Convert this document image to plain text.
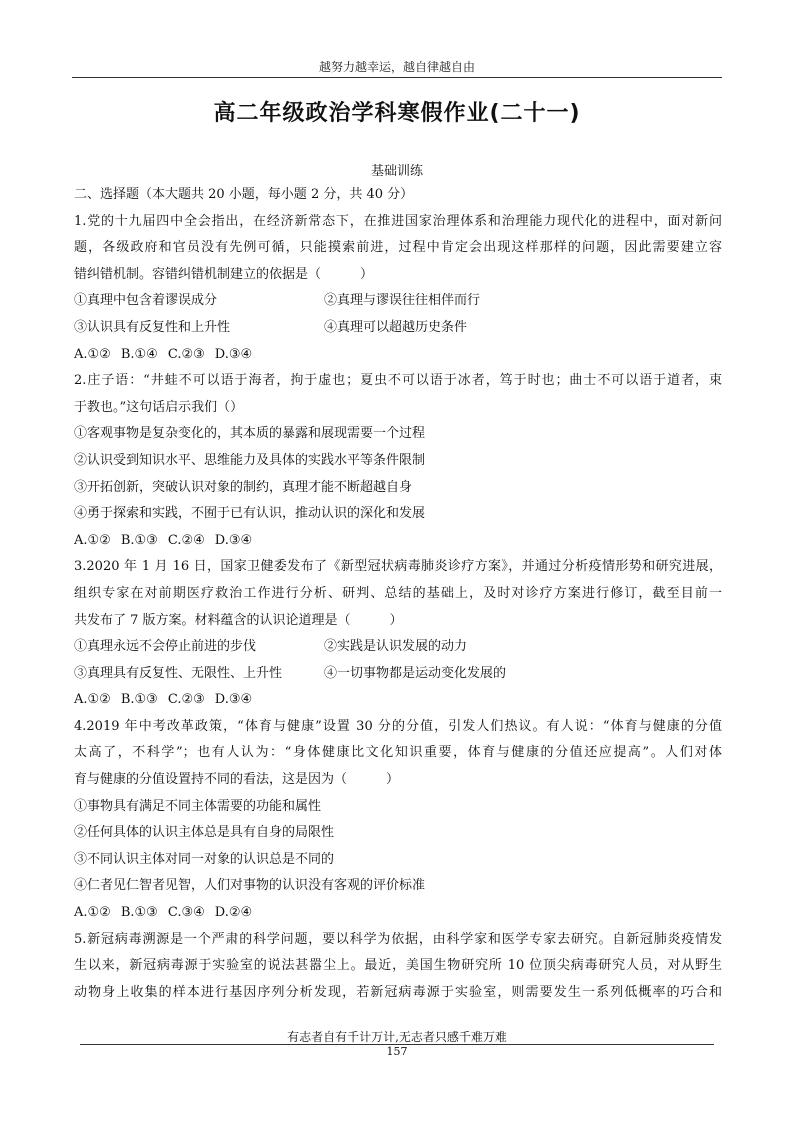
越努力越幸运，越自律越自由
高二年级政治学科寒假作业(二十一)
基础训练
二、选择题（本大题共 20 小题，每小题 2 分，共 40 分）
1.党的十九届四中全会指出，在经济新常态下，在推进国家治理体系和治理能力现代化的进程中，面对新问
题，各级政府和官员没有先例可循，只能摸索前进，过程中肯定会出现这样那样的问题，因此需要建立容
错纠错机制。容错纠错机制建立的依据是（　　　）
①真理中包含着谬误成分	②真理与谬误往往相伴而行
③认识具有反复性和上升性	④真理可以超越历史条件
A.①② B.①④ C.②③ D.③④
2.庄子语：“井蛙不可以语于海者，拘于虚也；夏虫不可以语于冰者，笃于时也；曲士不可以语于道者，束
于教也。”这句话启示我们（）
①客观事物是复杂变化的，其本质的暴露和展现需要一个过程
②认识受到知识水平、思维能力及具体的实践水平等条件限制
③开拓创新，突破认识对象的制约，真理才能不断超越自身
④勇于探索和实践，不囿于已有认识，推动认识的深化和发展
A.①② B.①③ C.②④ D.③④
3.2020 年 1 月 16 日，国家卫健委发布了《新型冠状病毒肺炎诊疗方案》，并通过分析疫情形势和研究进展，
组织专家在对前期医疗救治工作进行分析、研判、总结的基础上，及时对诊疗方案进行修订，截至目前一
共发布了 7 版方案。材料蕴含的认识论道理是（　　　）
①真理永远不会停止前进的步伐	②实践是认识发展的动力
③真理具有反复性、无限性、上升性	④一切事物都是运动变化发展的
A.①② B.①③ C.②③ D.③④
4.2019 年中考改革政策，“体育与健康”设置 30 分的分值，引发人们热议。有人说：“体育与健康的分值
太高了，不科学”；也有人认为：“身体健康比文化知识重要，体育与健康的分值还应提高”。人们对体
育与健康的分值设置持不同的看法，这是因为（　　　）
①事物具有满足不同主体需要的功能和属性
②任何具体的认识主体总是具有自身的局限性
③不同认识主体对同一对象的认识总是不同的
④仁者见仁智者见智，人们对事物的认识没有客观的评价标准
A.①② B.①③ C.③④ D.②④
5.新冠病毒溯源是一个严肃的科学问题，要以科学为依据，由科学家和医学专家去研究。自新冠肺炎疫情发
生以来，新冠病毒源于实验室的说法甚嚣尘上。最近，美国生物研究所 10 位顶尖病毒研究人员，对从野生
动物身上收集的样本进行基因序列分析发现，若新冠病毒源于实验室，则需要发生一系列低概率的巧合和
有志者自有千计万计,无志者只感千难万难
157
